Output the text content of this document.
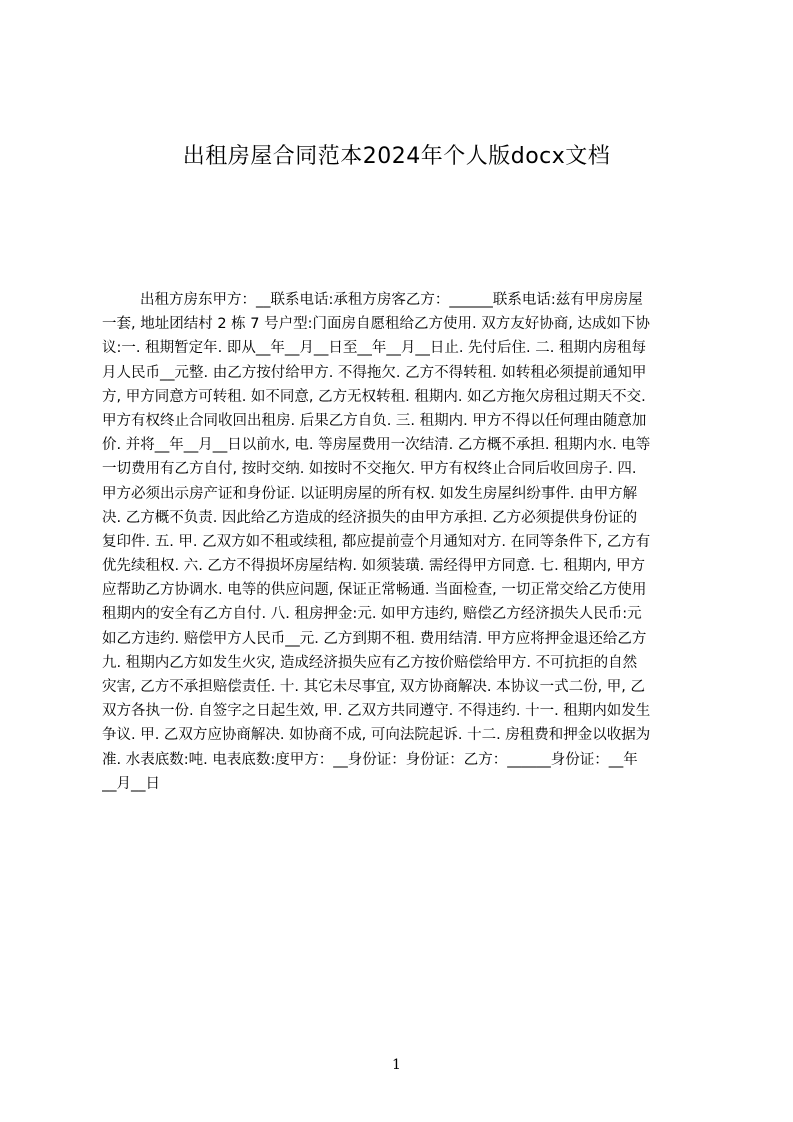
出租房屋合同范本2024年个人版docx文档
出租方房东甲方：__联系电话:承租方房客乙方：______联系电话:兹有甲房房屋
一套, 地址团结村 2 栋 7 号户型:门面房自愿租给乙方使用. 双方友好协商, 达成如下协
议:一. 租期暂定年. 即从__年__月__日至__年__月__日止. 先付后住. 二. 租期内房租每
月人民币__元整. 由乙方按付给甲方. 不得拖欠. 乙方不得转租. 如转租必须提前通知甲
方, 甲方同意方可转租. 如不同意, 乙方无权转租. 租期内. 如乙方拖欠房租过期天不交.
甲方有权终止合同收回出租房. 后果乙方自负. 三. 租期内. 甲方不得以任何理由随意加
价. 并将__年__月__日以前水, 电. 等房屋费用一次结清. 乙方概不承担. 租期内水. 电等
一切费用有乙方自付, 按时交纳. 如按时不交拖欠. 甲方有权终止合同后收回房子. 四.
甲方必须出示房产证和身份证. 以证明房屋的所有权. 如发生房屋纠纷事件. 由甲方解
决. 乙方概不负责. 因此给乙方造成的经济损失的由甲方承担. 乙方必须提供身份证的
复印件. 五. 甲. 乙双方如不租或续租, 都应提前壹个月通知对方. 在同等条件下, 乙方有
优先续租权. 六. 乙方不得损坏房屋结构. 如须装璜. 需经得甲方同意. 七. 租期内, 甲方
应帮助乙方协调水. 电等的供应问题, 保证正常畅通. 当面检查, 一切正常交给乙方使用
租期内的安全有乙方自付. 八. 租房押金:元. 如甲方违约, 赔偿乙方经济损失人民币:元
如乙方违约. 赔偿甲方人民币__元. 乙方到期不租. 费用结清. 甲方应将押金退还给乙方
九. 租期内乙方如发生火灾, 造成经济损失应有乙方按价赔偿给甲方. 不可抗拒的自然
灾害, 乙方不承担赔偿责任. 十. 其它未尽事宜, 双方协商解决. 本协议一式二份, 甲, 乙
双方各执一份. 自签字之日起生效, 甲. 乙双方共同遵守. 不得违约. 十一. 租期内如发生
争议. 甲. 乙双方应协商解决. 如协商不成, 可向法院起诉. 十二. 房租费和押金以收据为
准. 水表底数:吨. 电表底数:度甲方：__身份证：身份证：乙方：______身份证：__年
__月__日
1
